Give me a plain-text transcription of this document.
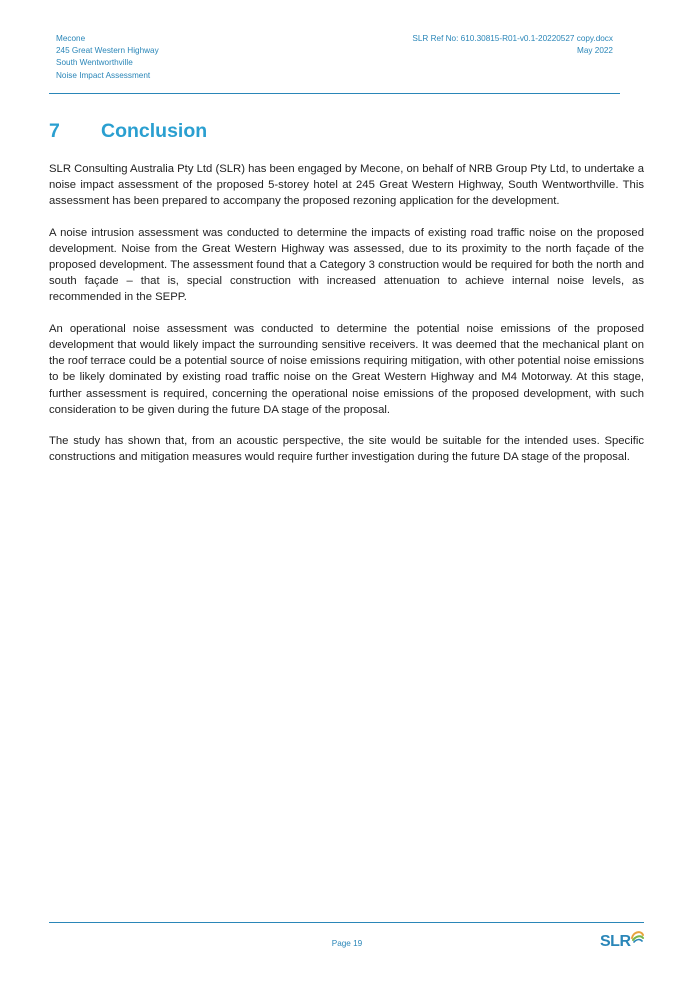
Mecone
245 Great Western Highway
South Wentworthville
Noise Impact Assessment
SLR Ref No: 610.30815-R01-v0.1-20220527 copy.docx
May 2022
7 Conclusion

SLR Consulting Australia Pty Ltd (SLR) has been engaged by Mecone, on behalf of NRB Group Pty Ltd, to undertake a noise impact assessment of the proposed 5-storey hotel at 245 Great Western Highway, South Wentworthville. This assessment has been prepared to accompany the proposed rezoning application for the development.

A noise intrusion assessment was conducted to determine the impacts of existing road traffic noise on the proposed development. Noise from the Great Western Highway was assessed, due to its proximity to the north façade of the proposed development. The assessment found that a Category 3 construction would be required for both the north and south façade – that is, special construction with increased attenuation to achieve internal noise levels, as recommended in the SEPP.

An operational noise assessment was conducted to determine the potential noise emissions of the proposed development that would likely impact the surrounding sensitive receivers. It was deemed that the mechanical plant on the roof terrace could be a potential source of noise emissions requiring mitigation, with other potential noise emissions to be likely dominated by existing road traffic noise on the Great Western Highway and M4 Motorway. At this stage, further assessment is required, concerning the operational noise emissions of the proposed development, with such consideration to be given during the future DA stage of the proposal.

The study has shown that, from an acoustic perspective, the site would be suitable for the intended uses. Specific constructions and mitigation measures would require further investigation during the future DA stage of the proposal.

Page 19	SLR
